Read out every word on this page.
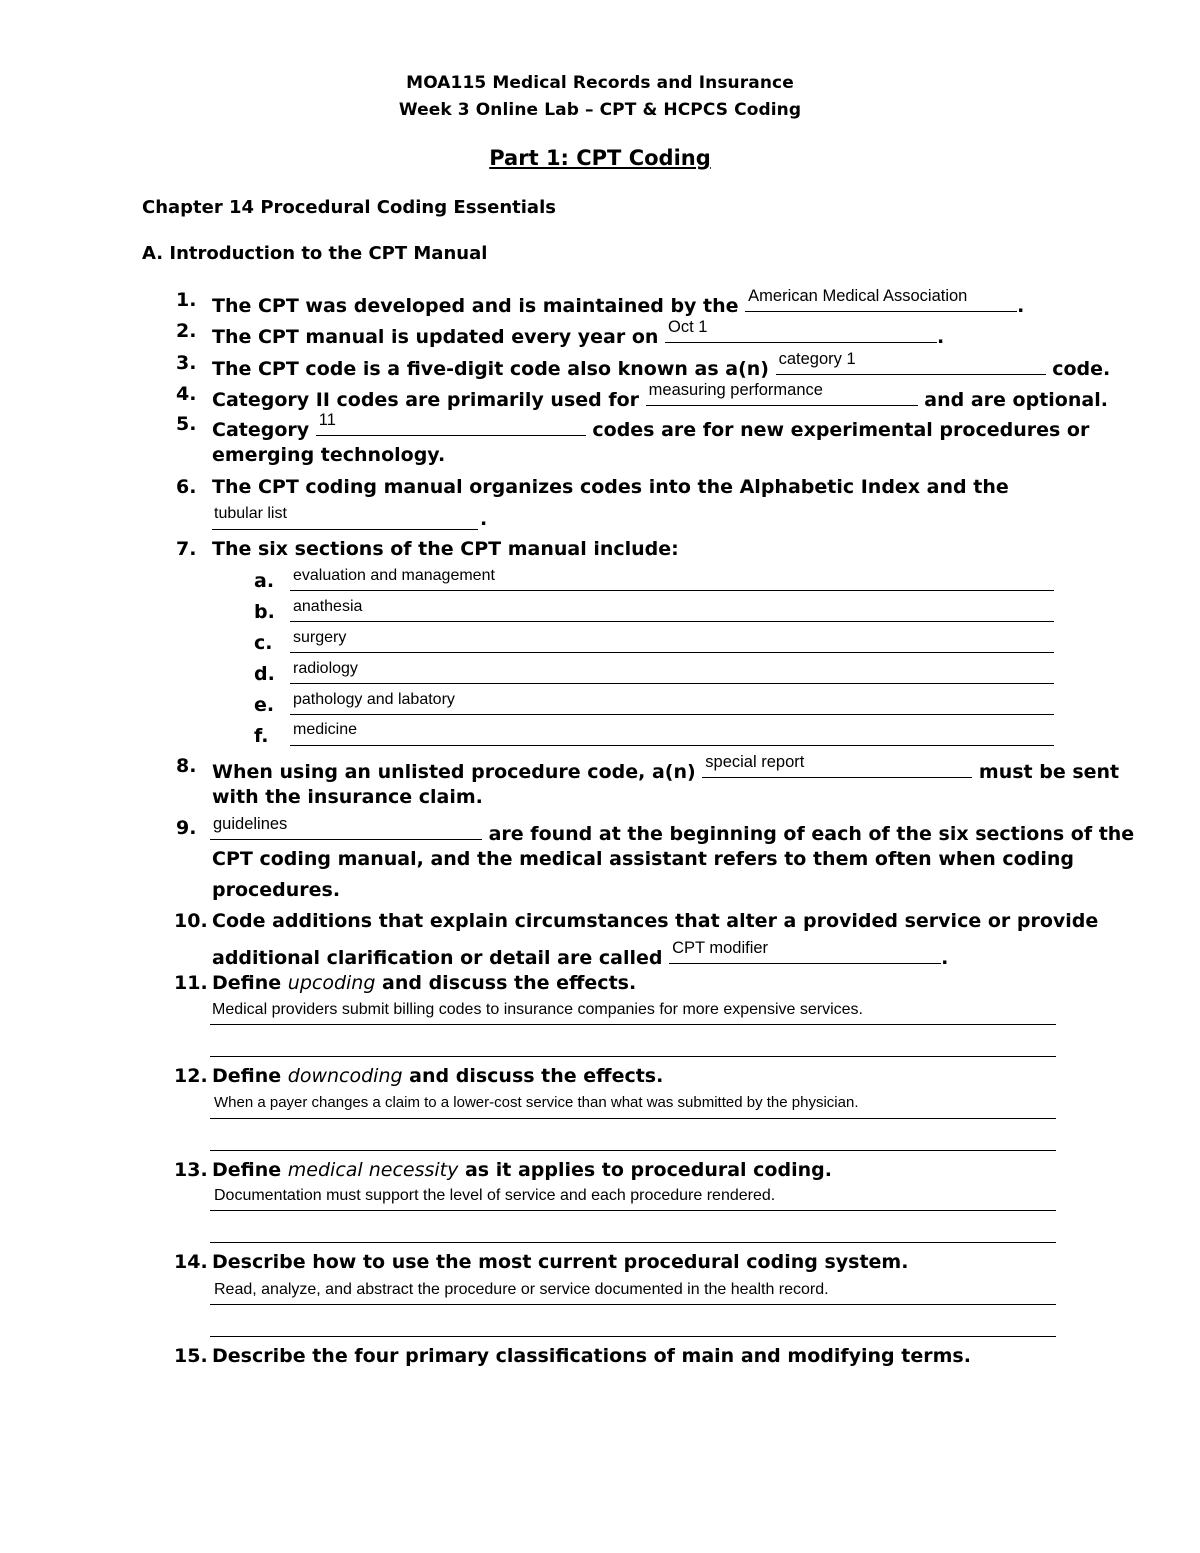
MOA115 Medical Records and Insurance
Week 3 Online Lab – CPT & HCPCS Coding
Part 1: CPT Coding
Chapter 14 Procedural Coding Essentials
A. Introduction to the CPT Manual
1. The CPT was developed and is maintained by the American Medical Association	.
2. The CPT manual is updated every year on Oct 1	.
3. The CPT code is a five-digit code also known as a(n) category 1	code.
4. Category II codes are primarily used for measuring performance	and are optional.
5. Category 11	codes are for new experimental procedures or
emerging technology.
6. The CPT coding manual organizes codes into the Alphabetic Index and the
tubular list	.
7. The six sections of the CPT manual include:
a. evaluation and management
b. anathesia
c. surgery
d. radiology
e. pathology and labatory
f. medicine
8. When using an unlisted procedure code, a(n) special report	must be sent
with the insurance claim.
9. guidelines	are found at the beginning of each of the six sections of the
CPT coding manual, and the medical assistant refers to them often when coding
procedures.
10. Code additions that explain circumstances that alter a provided service or provide
additional clarification or detail are called CPT modifier	.
11. Define upcoding and discuss the effects.
Medical providers submit billing codes to insurance companies for more expensive services.
12. Define downcoding and discuss the effects.
When a payer changes a claim to a lower-cost service than what was submitted by the physician.
13. Define medical necessity as it applies to procedural coding.
Documentation must support the level of service and each procedure rendered.
14. Describe how to use the most current procedural coding system.
Read, analyze, and abstract the procedure or service documented in the health record.
15. Describe the four primary classifications of main and modifying terms.
